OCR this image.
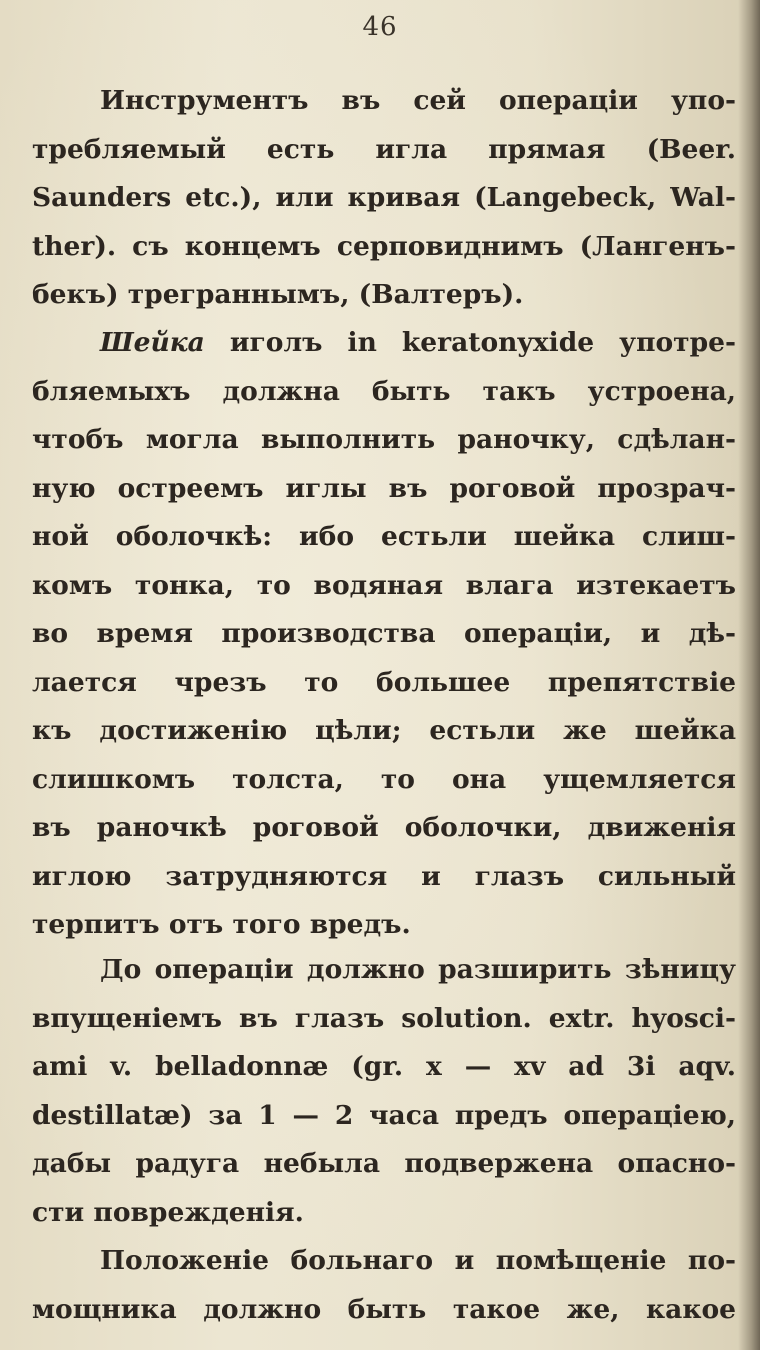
46
Инструментъ въ сей операціи упо-
требляемый есть игла прямая (Beer.
Saunders etc.), или кривая (Langebeck, Wal-
ther). съ концемъ серповиднимъ (Лангенъ-
бекъ) треграннымъ, (Валтеръ).
Шейка иголъ in keratonyxide употре-
бляемыхъ должна быть такъ устроена,
чтобъ могла выполнить ранoчку, сдѣлан-
ную остреемъ иглы въ роговой прозрач-
ной оболочкѣ: ибо естьли шейка слиш-
комъ тонка, то водяная влага изтекаетъ
во время производства операціи, и дѣ-
лается чрезъ то большее препятствіе
къ достиженію цѣли; естьли же шейка
слишкомъ толста, то она ущемляется
въ ранoчкѣ роговой оболочки, движенія
иглою затрудняются и глазъ сильный
терпитъ отъ того вредъ.
До операціи должно разширить зѣницу
впущеніемъ въ глазъ solution. extr. hyosci-
ami v. belladonnæ (gr. x — xv ad 3i aqv.
destillatæ) за 1 — 2 часа предъ операціею,
дабы радуга небыла подвержена опасно-
сти поврежденія.
Положеніе больнаго и помѣщеніе по-
мощника должно быть такое же, какое
